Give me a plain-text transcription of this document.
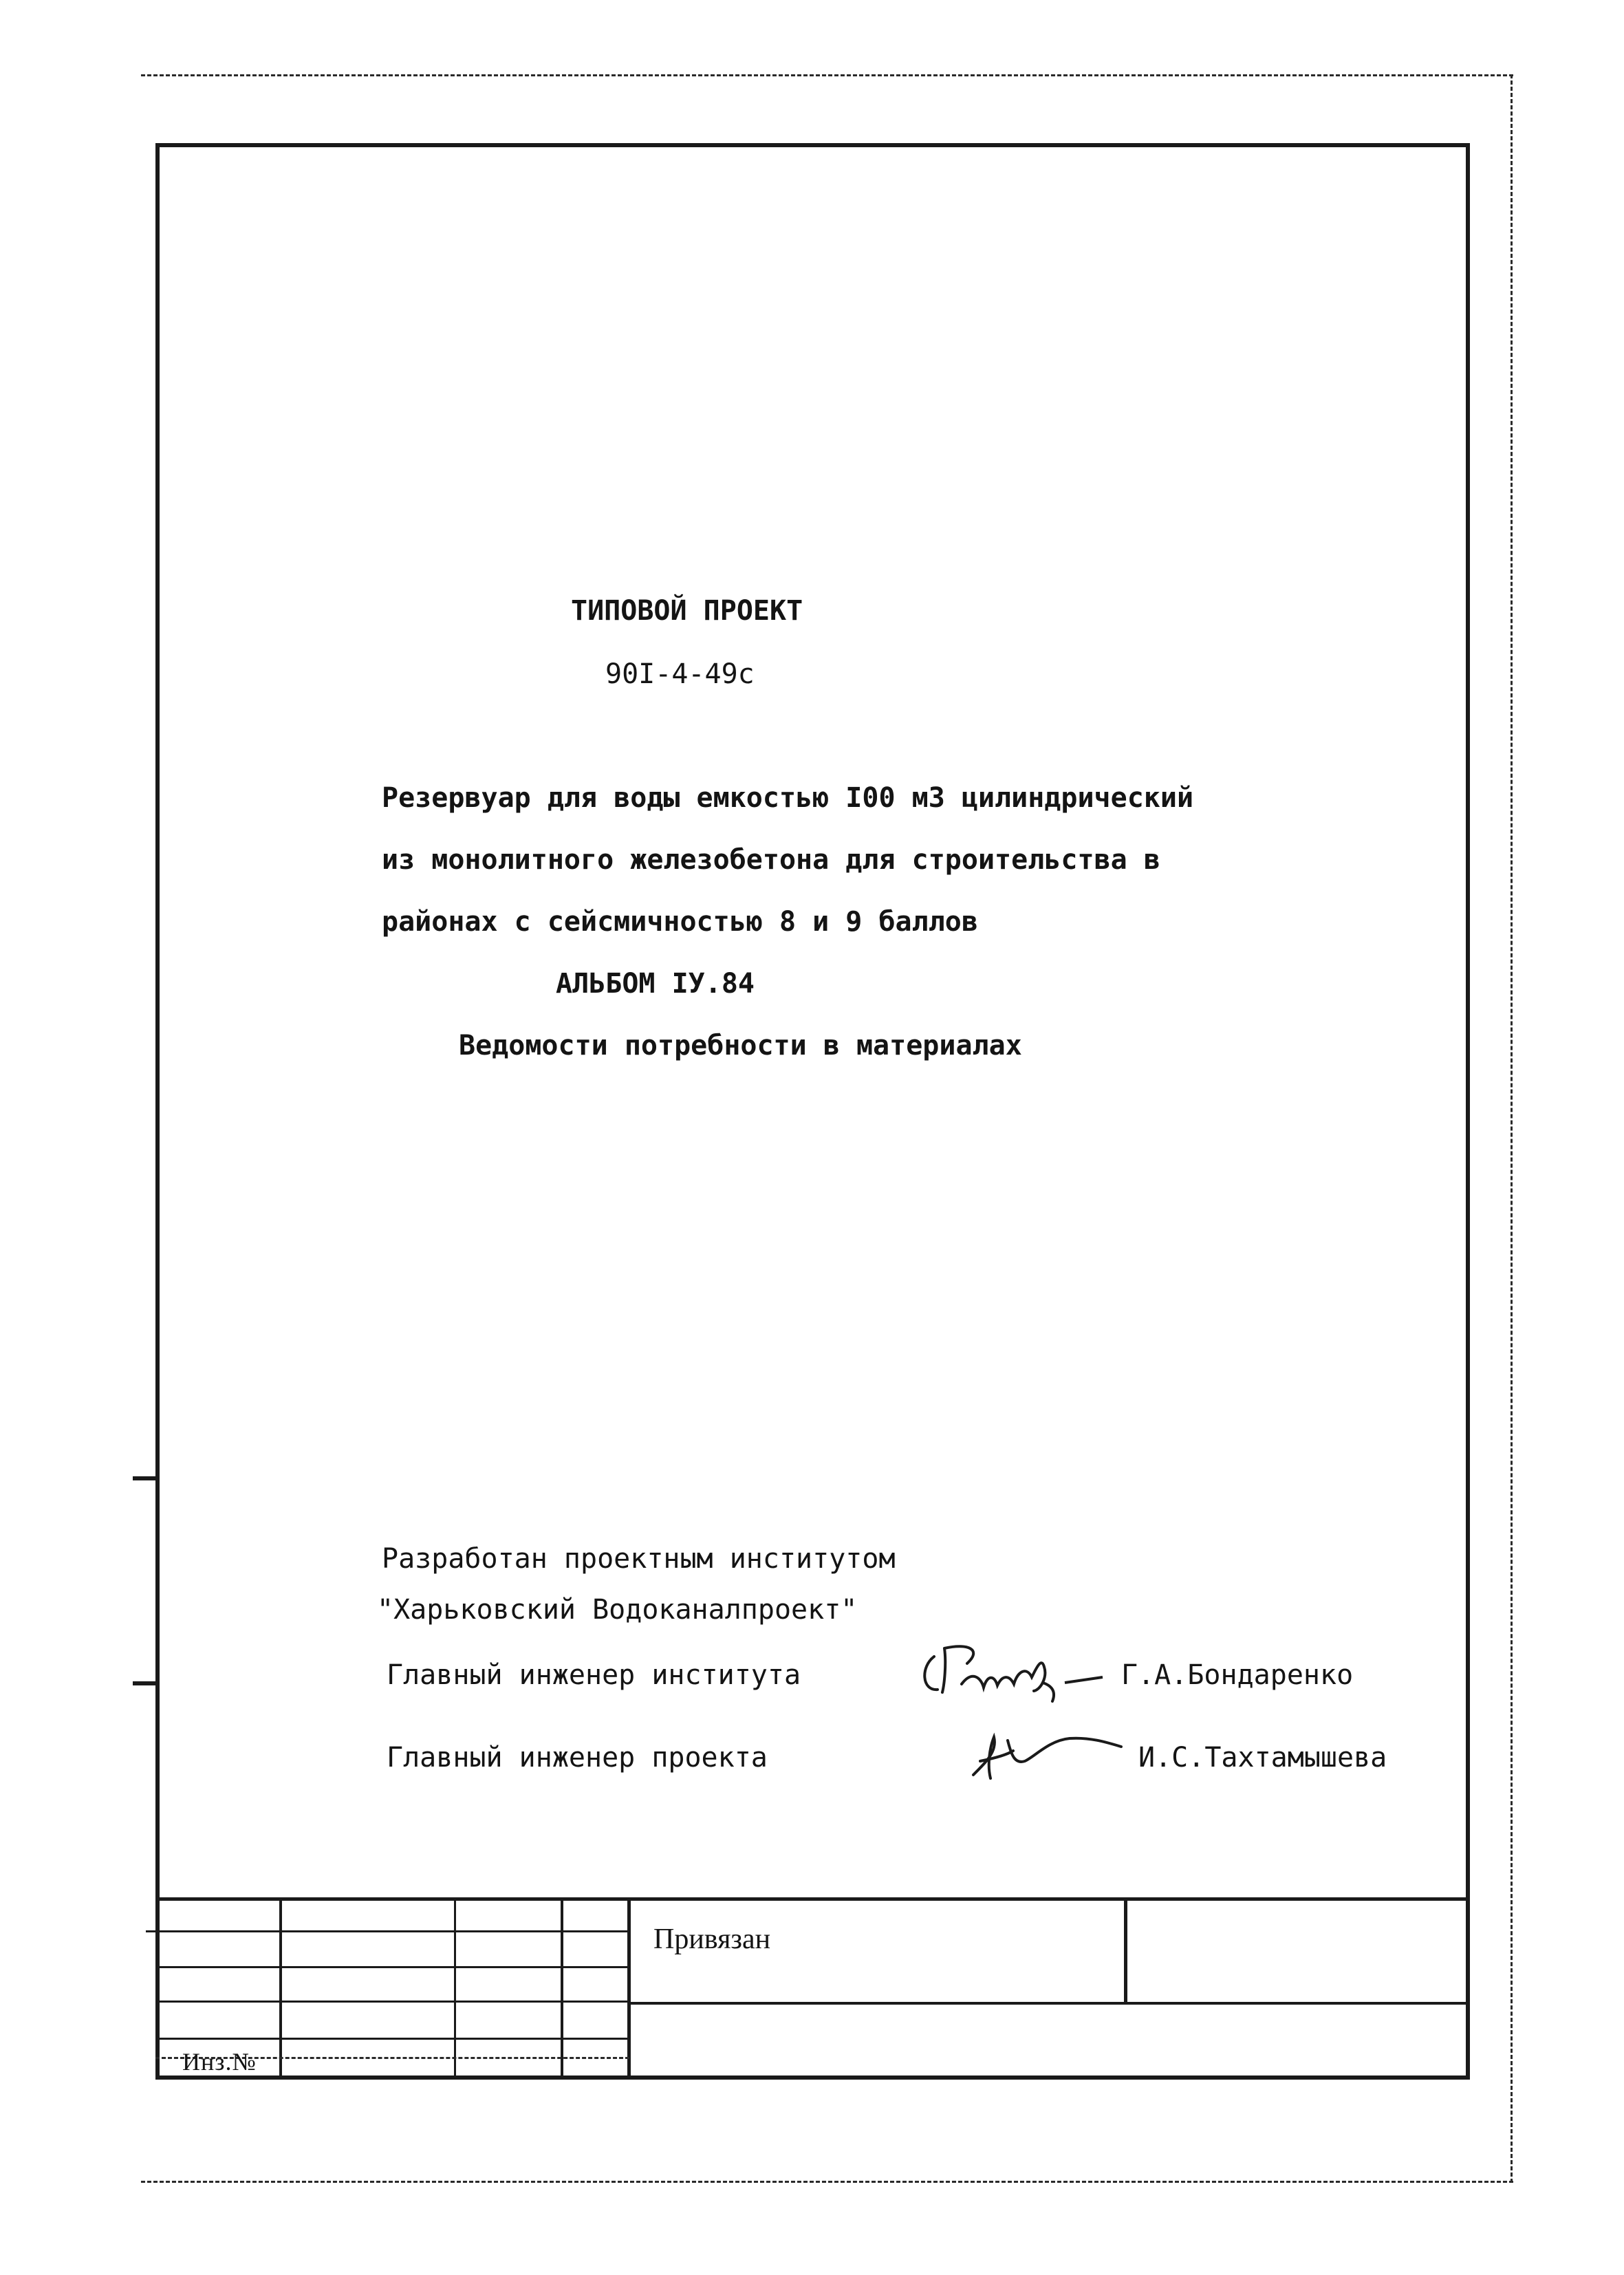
ТИПОВОЙ ПРОЕКТ
90I-4-49с
Резервуар для воды емкостью I00 м3 цилиндрический
из монолитного железобетона для строительства в
районах с сейсмичностью 8 и 9 баллов
АЛЬБОМ IУ.84
Ведомости потребности в материалах
Разработан проектным институтом
"Харьковский Водоканалпроект"
Главный инженер института	Г.А.Бондаренко
Главный инженер проекта	И.С.Тахтамышева
Привязан
Инз.№
